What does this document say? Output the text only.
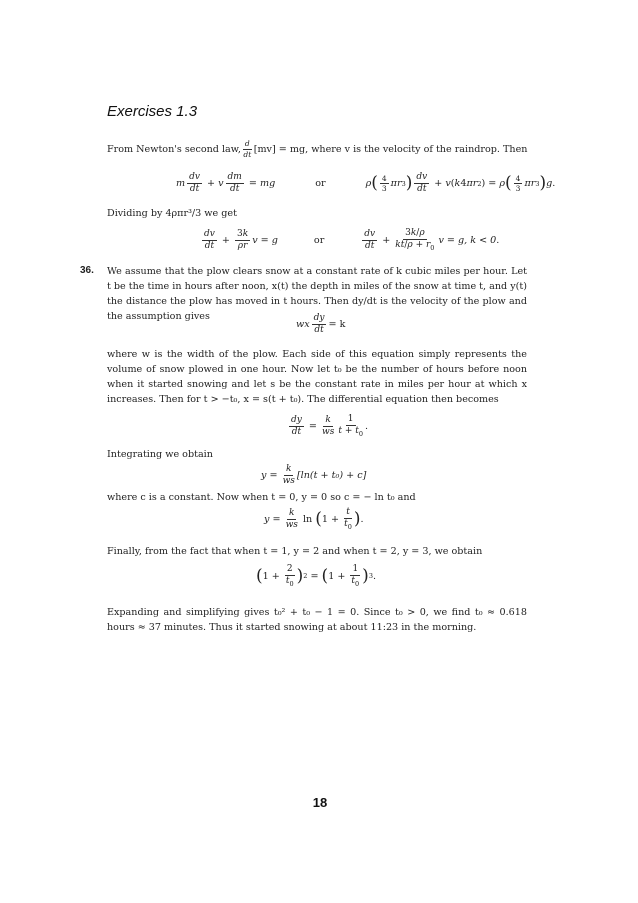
Exercises 1.3
From Newton's second law, d
dt [mv] = mg,
where v is the velocity of the raindrop. Then
m
dv
dt + v
dm
dt = mg	or	ρ ( 4
3 πr 3 ) dv
dt + v ( k 4 πr 2 ) = ρ ( 4
3 πr 3 ) g .
Dividing by 4ρπr³/3 we get
dv
dt +
3k
ρr v = g	or
dv
dt +
3k/ρ
$kt/\rho + r_0$
v = g, k < 0.
36. We assume that the plow clears snow at a constant rate of k cubic miles per hour. Let t be the time in hours after noon, x(t) the depth in miles of the snow at time t, and y(t) the distance the plow has moved in t hours. Then dy/dt is the velocity of the plow and the assumption gives
wx $\frac{dy}{dt} = k$
where w is the width of the plow. Each side of this equation simply represents the volume of snow plowed in one hour. Now let t₀ be the number of hours before noon when it started snowing and let s be the constant rate in miles per hour at which x increases. Then for t > −t₀, x = s(t + t₀). The differential equation then becomes
dy
dt =
k
ws
1
$t + t_0$
.
Integrating we obtain
y =
k
ws [ln(t + t₀) + c]
where c is a constant. Now when t = 0, y = 0 so c = − ln t₀ and
y =
k
ws ln ( 1 +
t
$t_0$ ) .
Finally, from the fact that when t = 1, y = 2 and when t = 2, y = 3, we obtain
( 1 +
2
$t_0$ ) 2 = ( 1 +
1
$t_0$ ) 3 .
Expanding and simplifying gives t₀² + t₀ − 1 = 0. Since t₀ > 0, we find t₀ ≈ 0.618 hours ≈ 37 minutes. Thus it started snowing at about 11:23 in the morning.
18
